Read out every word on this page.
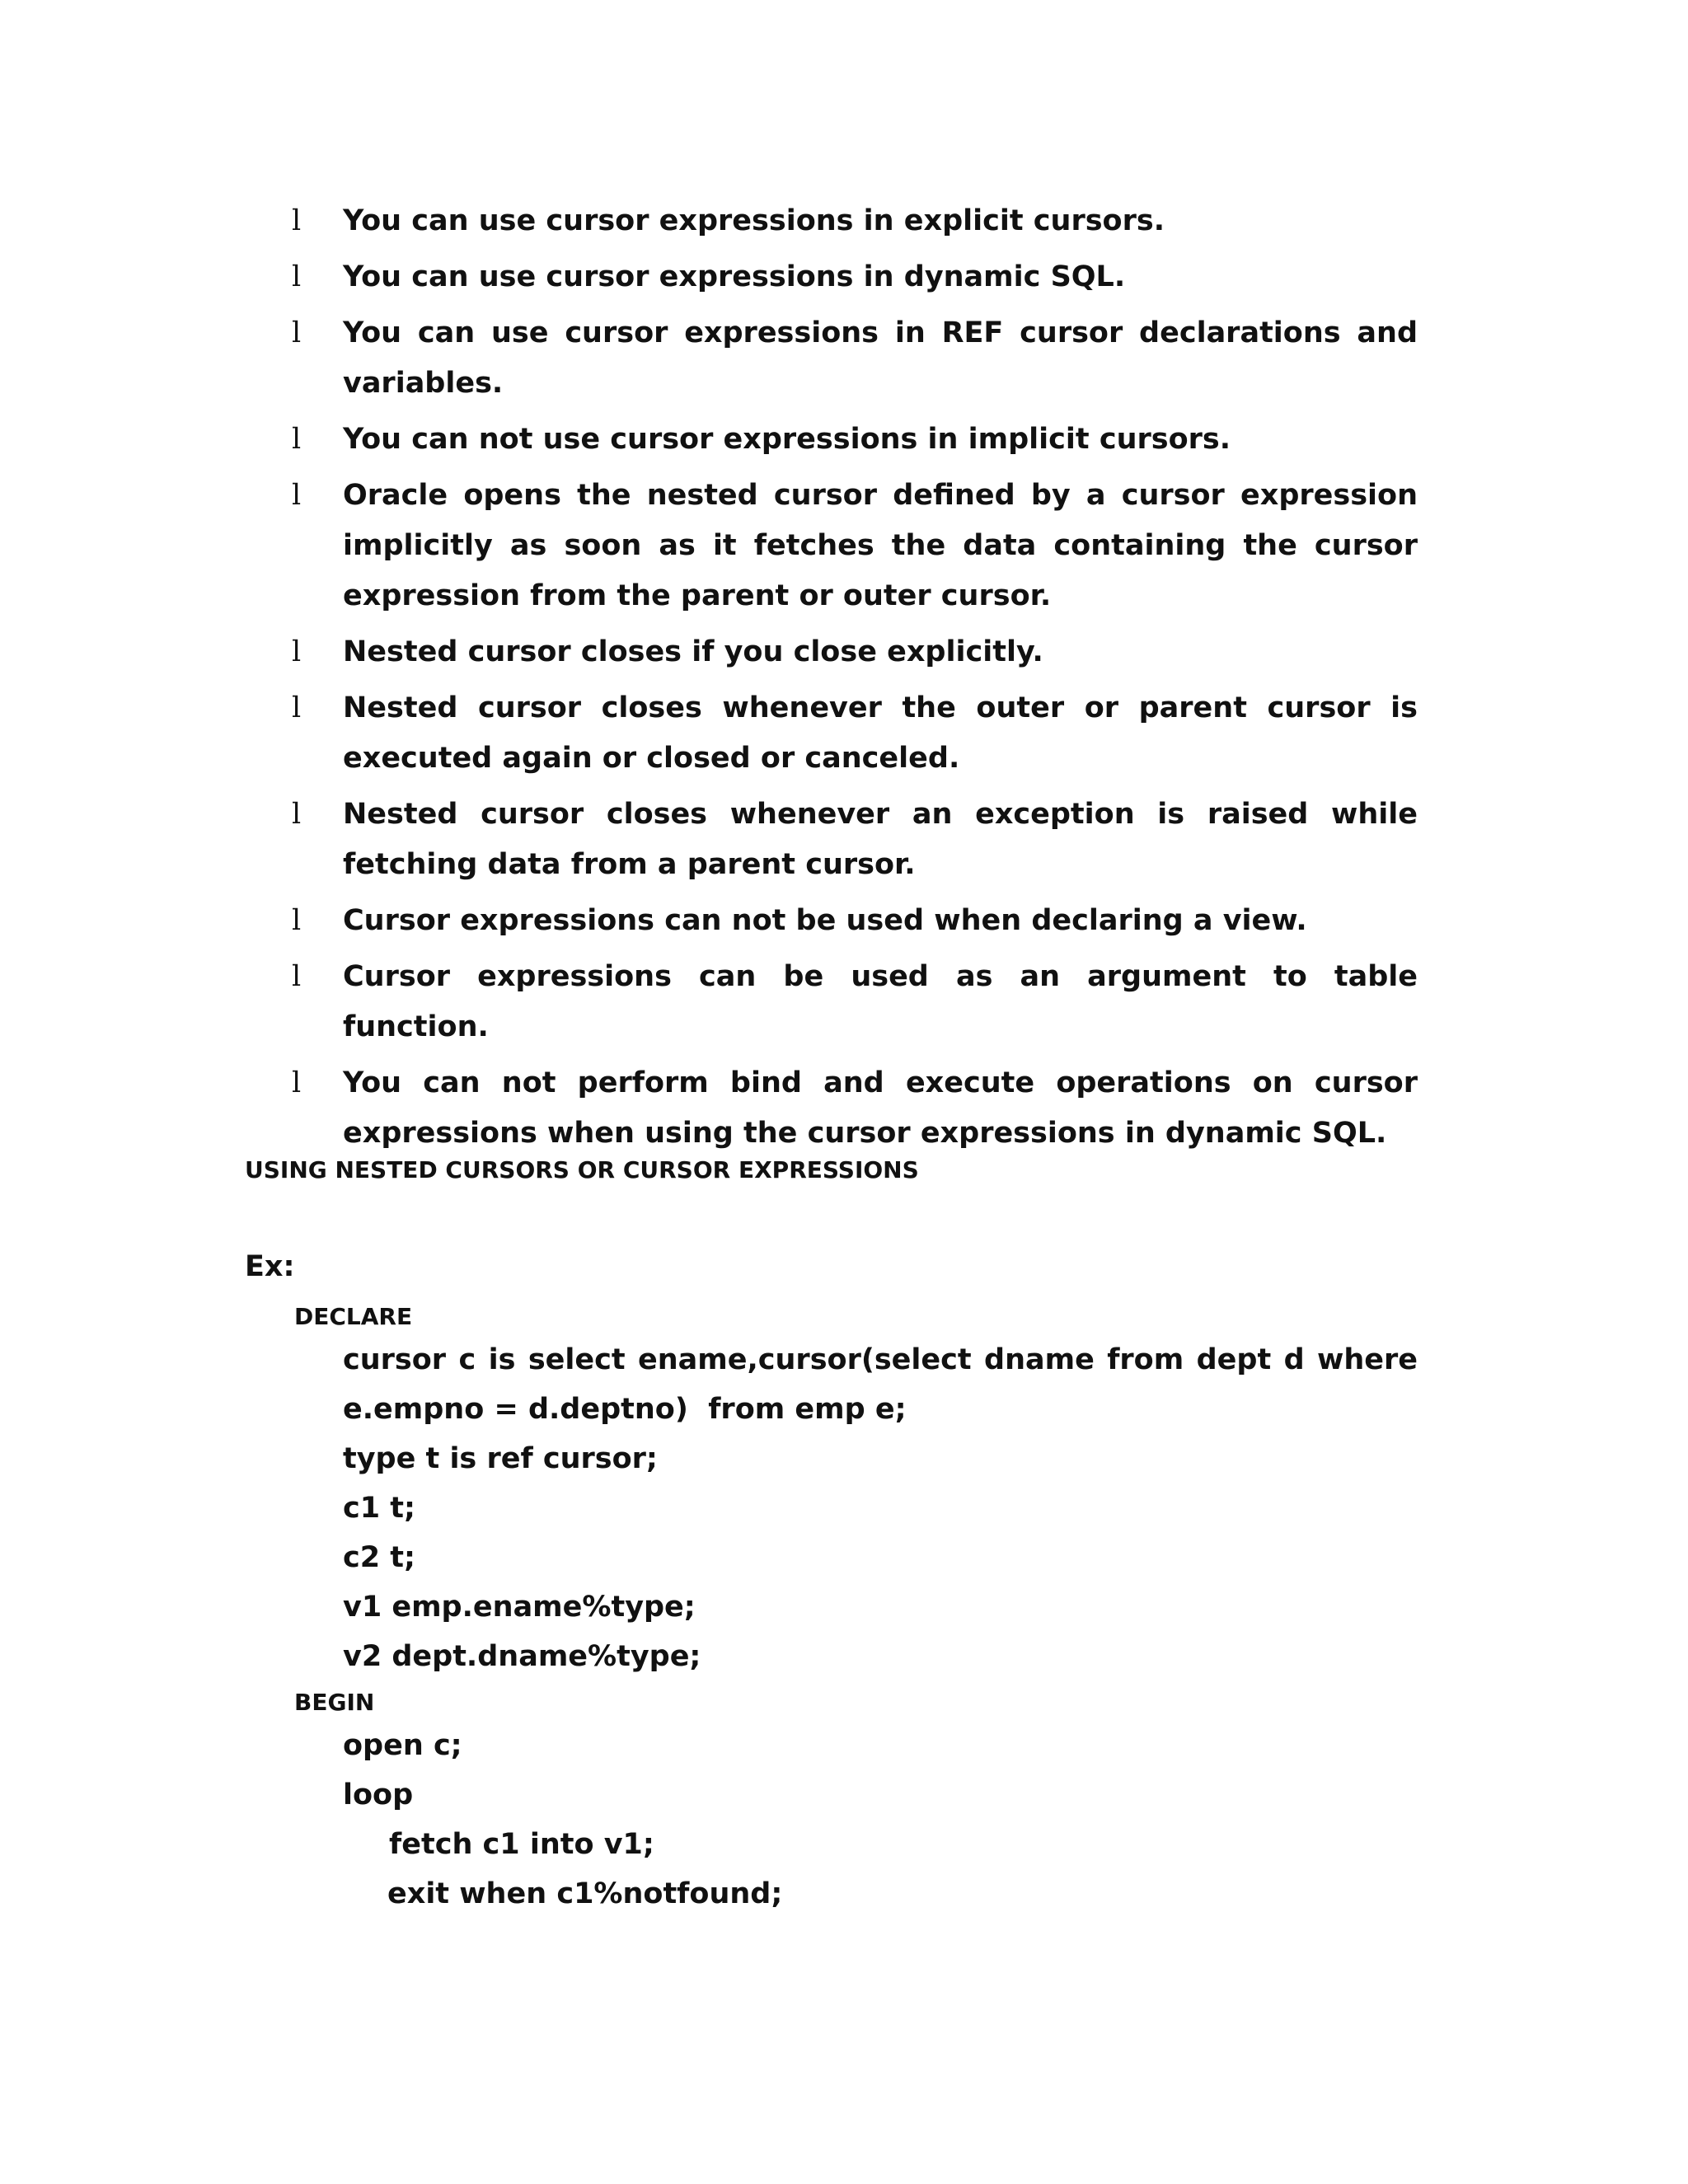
l You can use cursor expressions in explicit cursors.
l You can use cursor expressions in dynamic SQL.
l You can use cursor expressions in REF cursor declarations and variables.
l You can not use cursor expressions in implicit cursors.
l Oracle opens the nested cursor defined by a cursor expression implicitly as soon as it fetches the data containing the cursor expression from the parent or outer cursor.
l Nested cursor closes if you close explicitly.
l Nested cursor closes whenever the outer or parent cursor is executed again or closed or canceled.
l Nested cursor closes whenever an exception is raised while fetching data from a parent cursor.
l Cursor expressions can not be used when declaring a view.
l Cursor expressions can be used as an argument to table function.
l You can not perform bind and execute operations on cursor expressions when using the cursor expressions in dynamic SQL.
USING NESTED CURSORS OR CURSOR EXPRESSIONS
Ex:
DECLARE
cursor c is select ename,cursor(select dname from dept d where
e.empno = d.deptno)  from emp e;
type t is ref cursor;
c1 t;
c2 t;
v1 emp.ename%type;
v2 dept.dname%type;
BEGIN
open c;
loop
fetch c1 into v1;
exit when c1%notfound;
